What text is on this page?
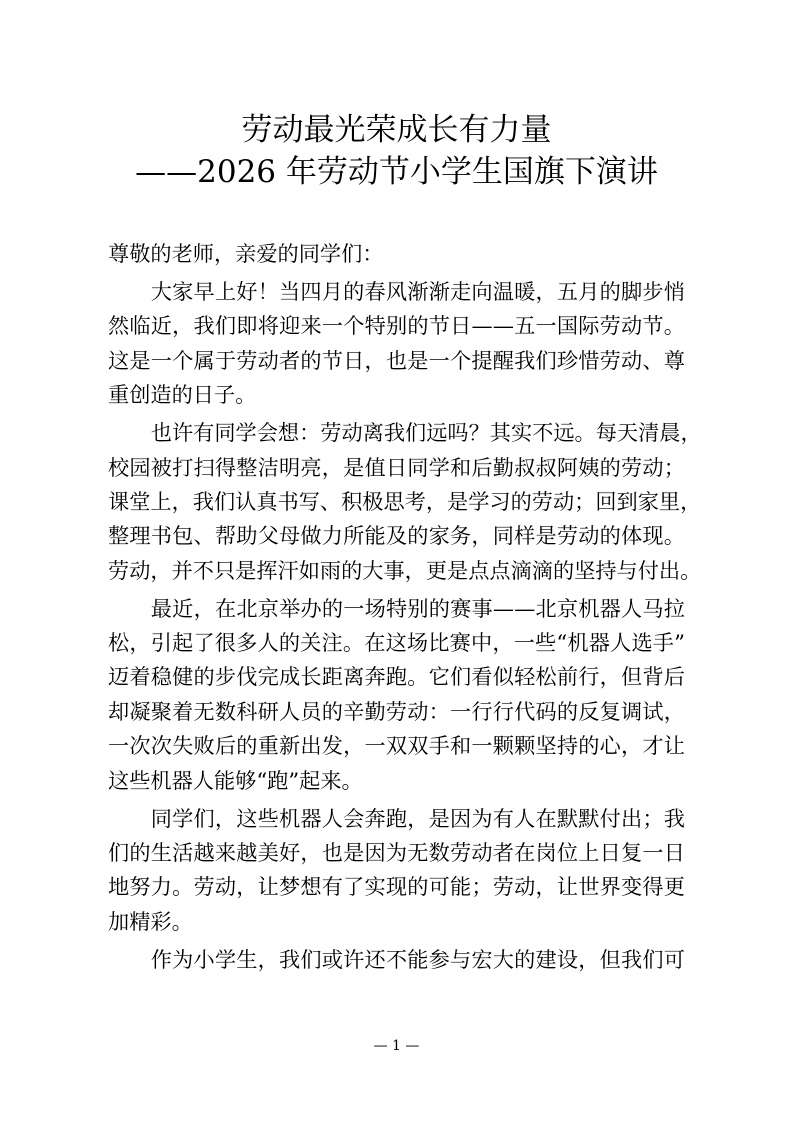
劳动最光荣成长有力量
——2026 年劳动节小学生国旗下演讲
尊敬的老师，亲爱的同学们：
大家早上好！当四月的春风渐渐走向温暖，五月的脚步悄
然临近，我们即将迎来一个特别的节日——五一国际劳动节。
这是一个属于劳动者的节日，也是一个提醒我们珍惜劳动、尊
重创造的日子。
也许有同学会想：劳动离我们远吗？其实不远。每天清晨，
校园被打扫得整洁明亮，是值日同学和后勤叔叔阿姨的劳动；
课堂上，我们认真书写、积极思考，是学习的劳动；回到家里，
整理书包、帮助父母做力所能及的家务，同样是劳动的体现。
劳动，并不只是挥汗如雨的大事，更是点点滴滴的坚持与付出。
最近，在北京举办的一场特别的赛事——北京机器人马拉
松，引起了很多人的关注。在这场比赛中，一些“机器人选手”
迈着稳健的步伐完成长距离奔跑。它们看似轻松前行，但背后
却凝聚着无数科研人员的辛勤劳动：一行行代码的反复调试，
一次次失败后的重新出发，一双双手和一颗颗坚持的心，才让
这些机器人能够“跑”起来。
同学们，这些机器人会奔跑，是因为有人在默默付出；我
们的生活越来越美好，也是因为无数劳动者在岗位上日复一日
地努力。劳动，让梦想有了实现的可能；劳动，让世界变得更
加精彩。
作为小学生，我们或许还不能参与宏大的建设，但我们可
— 1 —
